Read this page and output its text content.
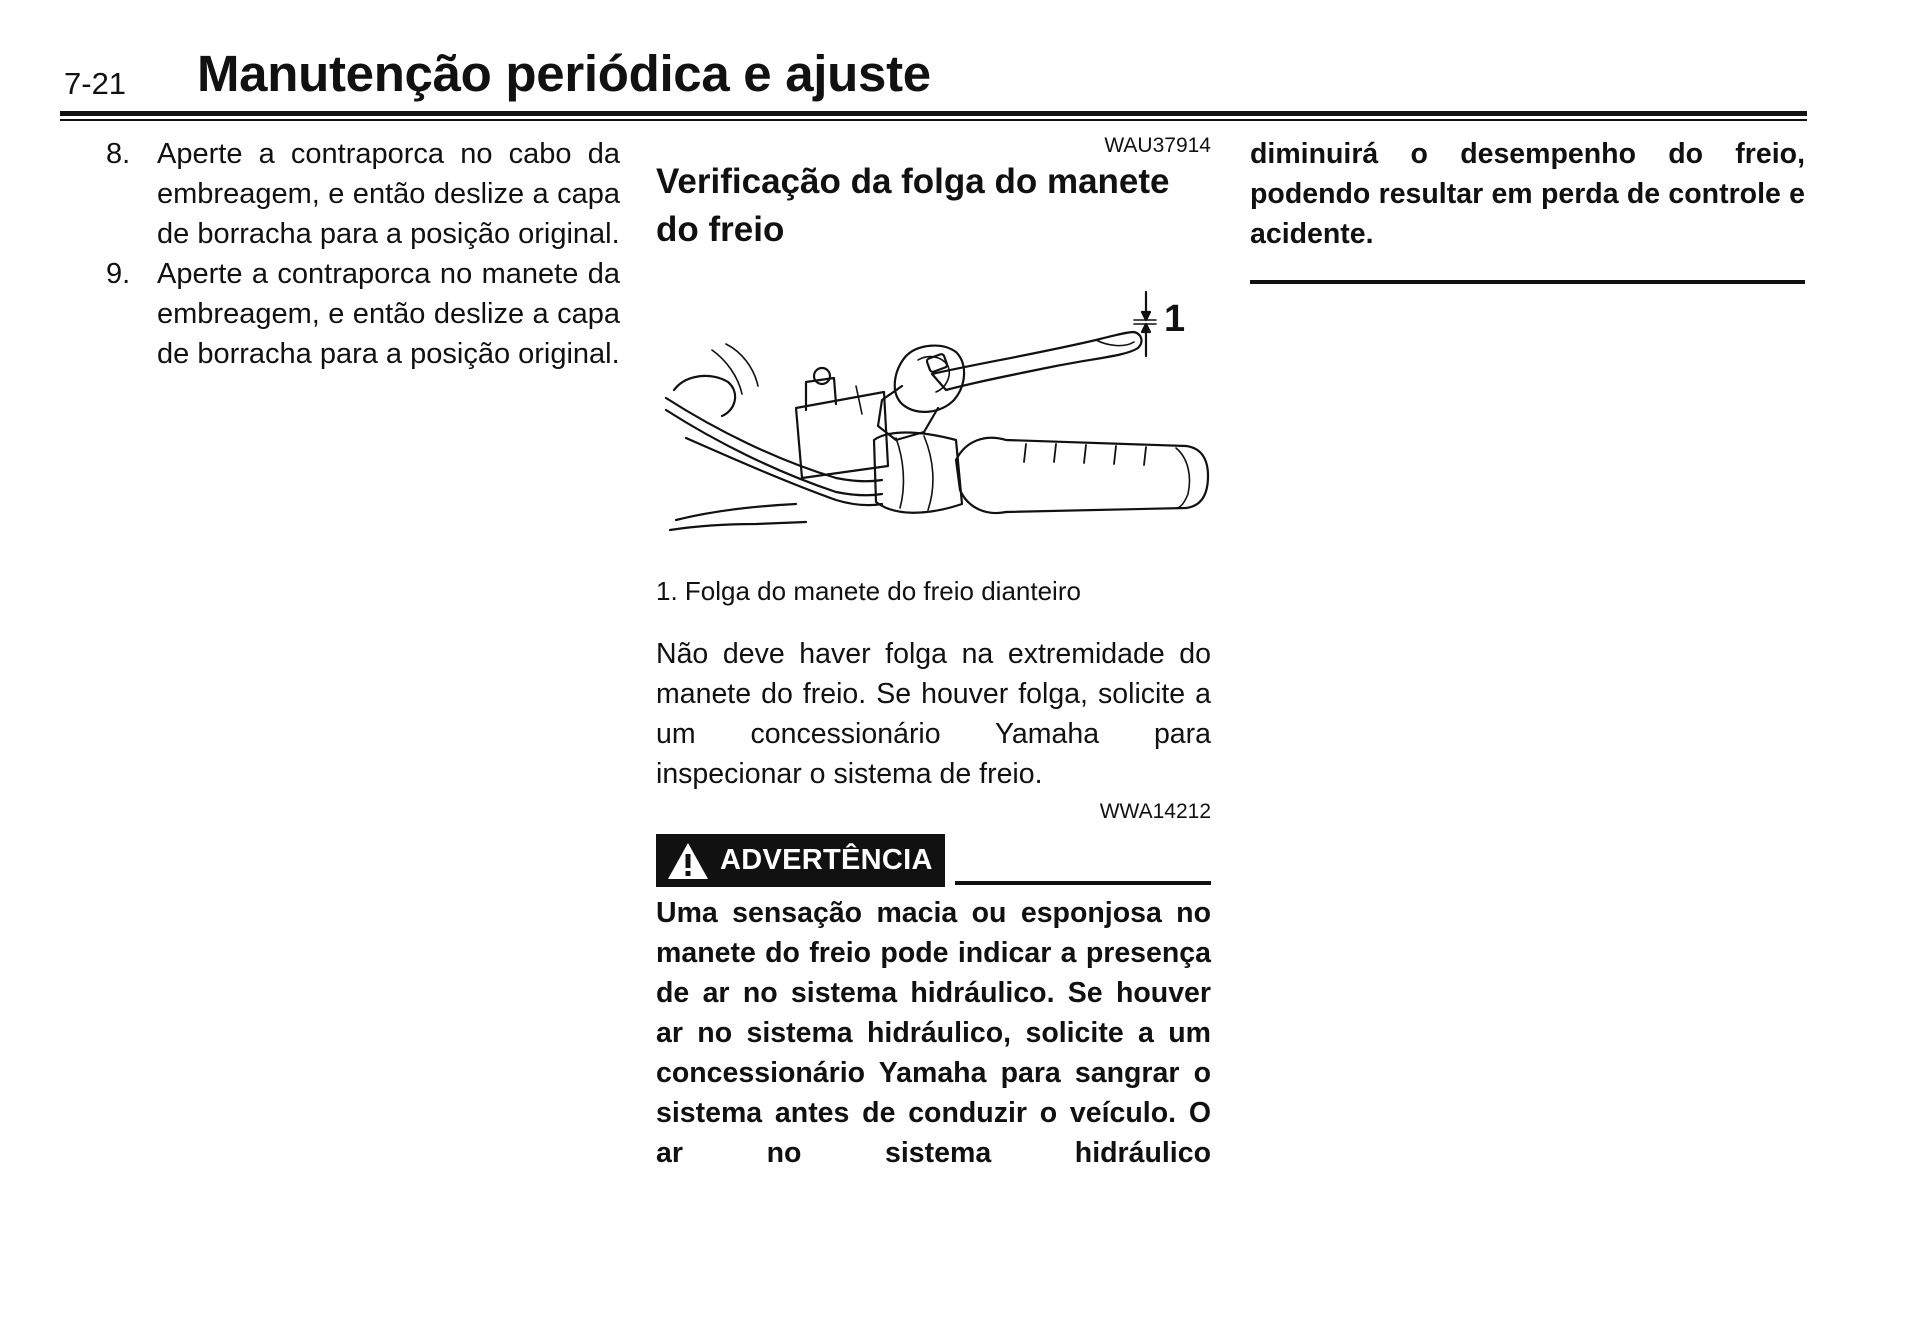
7-21 Manutenção periódica e ajuste
8. Aperte a contraporca no cabo da embreagem, e então deslize a capa de borracha para a posição original.
9. Aperte a contraporca no manete da embreagem, e então deslize a capa de borracha para a posição original.
WAU37914
Verificação da folga do manete do freio
1
1. Folga do manete do freio dianteiro

Não deve haver folga na extremidade do manete do freio. Se houver folga, solicite a um concessionário Yamaha para inspecionar o sistema de freio.

WWA14212
ADVERTÊNCIA

Uma sensação macia ou esponjosa no manete do freio pode indicar a presença de ar no sistema hidráulico. Se houver ar no sistema hidráulico, solicite a um concessionário Yamaha para sangrar o sistema antes de conduzir o veículo. O ar no sistema hidráulico

diminuirá o desempenho do freio, podendo resultar em perda de controle e acidente.
